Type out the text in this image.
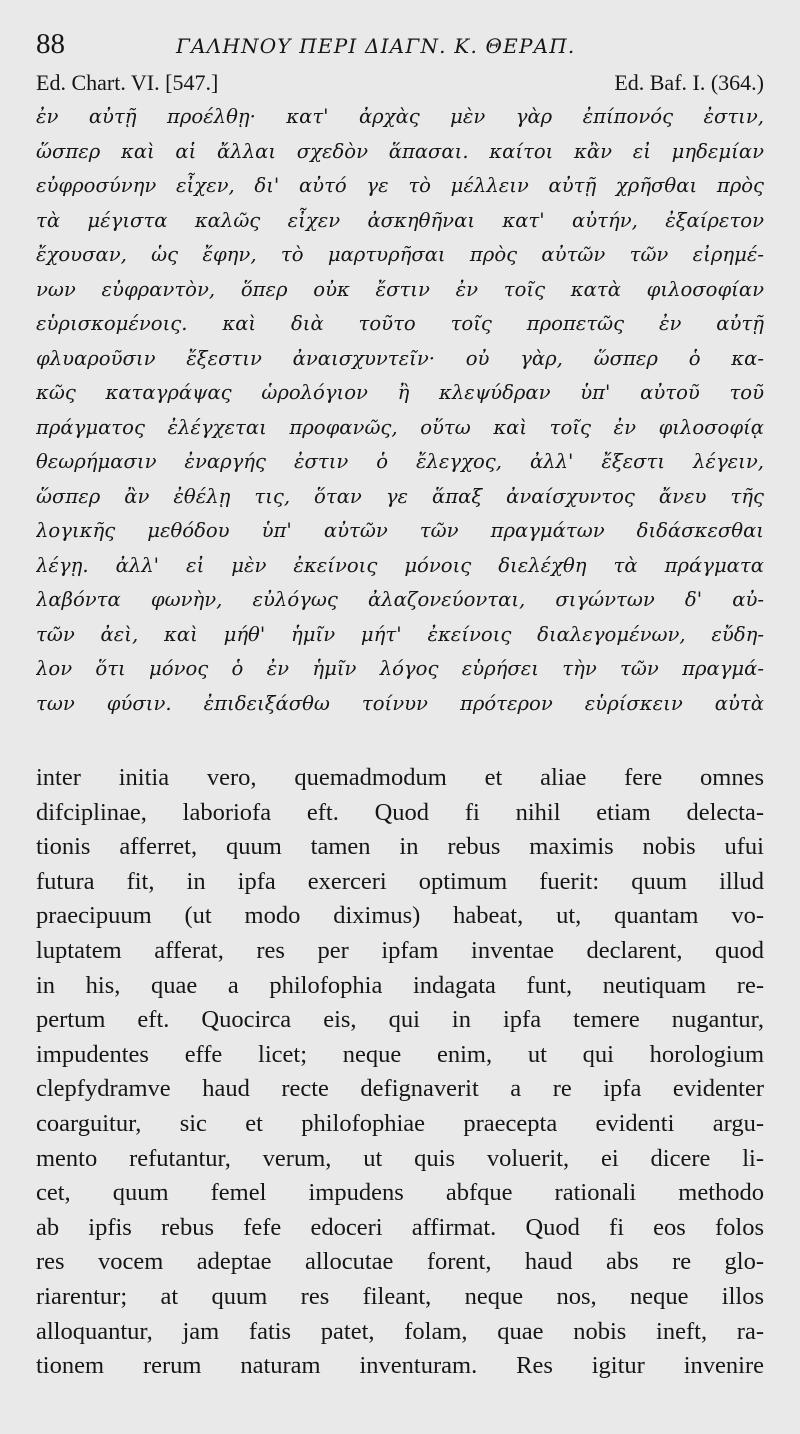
88	ΓΑΛΗΝΟΥ ΠΕΡΙ ΔΙΑΓΝ. Κ. ΘΕΡΑΠ.
Ed. Chart. VI. [547.]	Ed. Baf. I. (364.)
ἐν αὐτῇ προέλθῃ· κατ' ἀρχὰς μὲν γὰρ ἐπίπονός ἐστιν,
ὥσπερ καὶ αἱ ἄλλαι σχεδὸν ἅπασαι. καίτοι κἂν εἰ μηδεμίαν
εὐφροσύνην εἶχεν, δι' αὐτό γε τὸ μέλλειν αὐτῇ χρῆσθαι πρὸς
τὰ μέγιστα καλῶς εἶχεν ἀσκηθῆναι κατ' αὐτήν, ἐξαίρετον
ἔχουσαν, ὡς ἔφην, τὸ μαρτυρῆσαι πρὸς αὐτῶν τῶν εἰρημέ-
νων εὐφραντὸν, ὅπερ οὐκ ἔστιν ἐν τοῖς κατὰ φιλοσοφίαν
εὑρισκομένοις. καὶ διὰ τοῦτο τοῖς προπετῶς ἐν αὐτῇ
φλυαροῦσιν ἔξεστιν ἀναισχυντεῖν· οὐ γὰρ, ὥσπερ ὁ κα-
κῶς καταγράψας ὡρολόγιον ἢ κλεψύδραν ὑπ' αὐτοῦ τοῦ
πράγματος ἐλέγχεται προφανῶς, οὕτω καὶ τοῖς ἐν φιλοσοφίᾳ
θεωρήμασιν ἐναργής ἐστιν ὁ ἔλεγχος, ἀλλ' ἔξεστι λέγειν,
ὥσπερ ἂν ἐθέλῃ τις, ὅταν γε ἅπαξ ἀναίσχυντος ἄνευ τῆς
λογικῆς μεθόδου ὑπ' αὐτῶν τῶν πραγμάτων διδάσκεσθαι
λέγῃ. ἀλλ' εἰ μὲν ἐκείνοις μόνοις διελέχθη τὰ πράγματα
λαβόντα φωνὴν, εὐλόγως ἀλαζονεύονται, σιγώντων δ' αὐ-
τῶν ἀεὶ, καὶ μήθ' ἡμῖν μήτ' ἐκείνοις διαλεγομένων, εὔδη-
λον ὅτι μόνος ὁ ἐν ἡμῖν λόγος εὑρήσει τὴν τῶν πραγμά-
των φύσιν. ἐπιδειξάσθω τοίνυν πρότερον εὑρίσκειν αὐτὰ
inter initia vero, quemadmodum et aliae fere omnes
difciplinae, laboriofa eft. Quod fi nihil etiam delecta-
tionis afferret, quum tamen in rebus maximis nobis ufui
futura fit, in ipfa exerceri optimum fuerit: quum illud
praecipuum (ut modo diximus) habeat, ut, quantam vo-
luptatem afferat, res per ipfam inventae declarent, quod
in his, quae a philofophia indagata funt, neutiquam re-
pertum eft. Quocirca eis, qui in ipfa temere nugantur,
impudentes effe licet; neque enim, ut qui horologium
clepfydramve haud recte defignaverit a re ipfa evidenter
coarguitur, sic et philofophiae praecepta evidenti argu-
mento refutantur, verum, ut quis voluerit, ei dicere li-
cet, quum femel impudens abfque rationali methodo
ab ipfis rebus fefe edoceri affirmat. Quod fi eos folos
res vocem adeptae allocutae forent, haud abs re glo-
riarentur; at quum res fileant, neque nos, neque illos
alloquantur, jam fatis patet, folam, quae nobis ineft, ra-
tionem rerum naturam inventuram. Res igitur invenire
